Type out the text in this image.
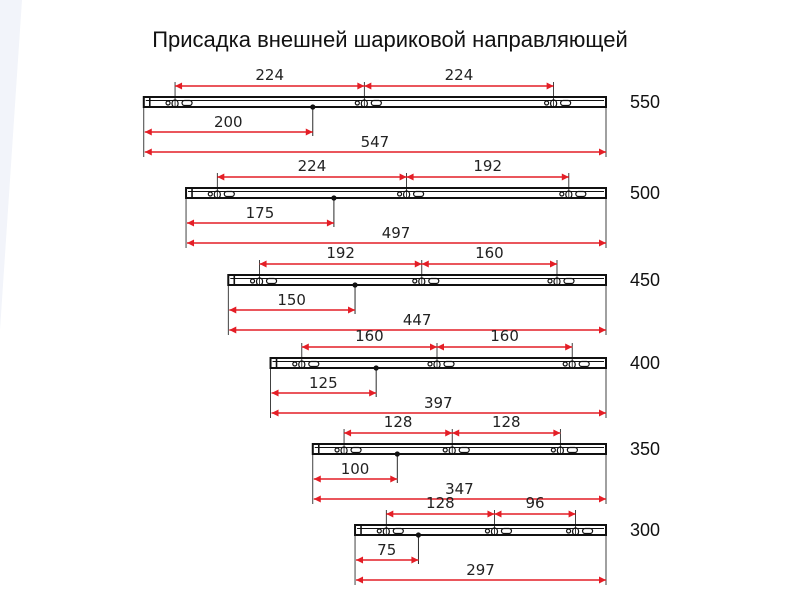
Присадка внешней шариковой направляющей
224	224
200
547
550
224	192
175
497
500
192	160
150
447
450
160	160
125
397
400
128	128
100
347
350
128	96
75
297
300
